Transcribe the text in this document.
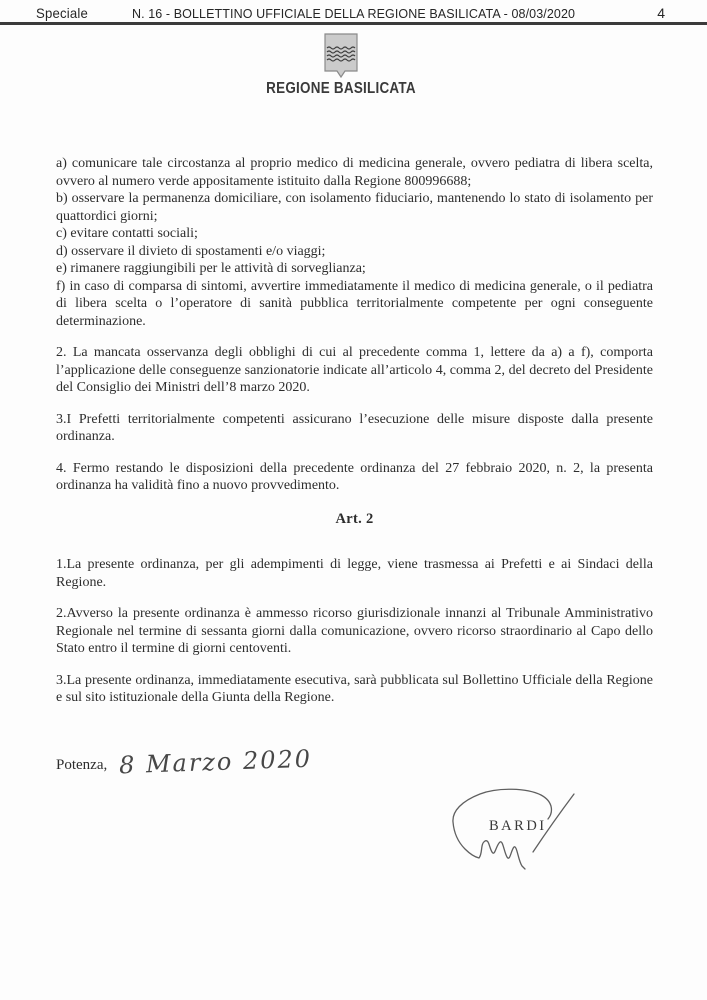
Speciale	N. 16 - BOLLETTINO UFFICIALE DELLA REGIONE BASILICATA - 08/03/2020	4
REGIONE BASILICATA

a) comunicare tale circostanza al proprio medico di medicina generale, ovvero pediatra di libera scelta, ovvero al numero verde appositamente istituito dalla Regione 800996688;

b) osservare la permanenza domiciliare, con isolamento fiduciario, mantenendo lo stato di isolamento per quattordici giorni;

c) evitare contatti sociali;

d) osservare il divieto di spostamenti e/o viaggi;

e) rimanere raggiungibili per le attività di sorveglianza;

f) in caso di comparsa di sintomi, avvertire immediatamente il medico di medicina generale, o il pediatra di libera scelta o l’operatore di sanità pubblica territorialmente competente per ogni conseguente determinazione.

2. La mancata osservanza degli obblighi di cui al precedente comma 1, lettere da a) a f), comporta l’applicazione delle conseguenze sanzionatorie indicate all’articolo 4, comma 2, del decreto del Presidente del Consiglio dei Ministri dell’8 marzo 2020.

3.I Prefetti territorialmente competenti assicurano l’esecuzione delle misure disposte dalla presente ordinanza.

4. Fermo restando le disposizioni della precedente ordinanza del 27 febbraio 2020, n. 2, la presenta ordinanza ha validità fino a nuovo provvedimento.

Art. 2

1.La presente ordinanza, per gli adempimenti di legge, viene trasmessa ai Prefetti e ai Sindaci della Regione.

2.Avverso la presente ordinanza è ammesso ricorso giurisdizionale innanzi al Tribunale Amministrativo Regionale nel termine di sessanta giorni dalla comunicazione, ovvero ricorso straordinario al Capo dello Stato entro il termine di giorni centoventi.

3.La presente ordinanza, immediatamente esecutiva, sarà pubblicata sul Bollettino Ufficiale della Regione e sul sito istituzionale della Giunta della Regione.

Potenza, 8 Marzo 2020
BARDI
